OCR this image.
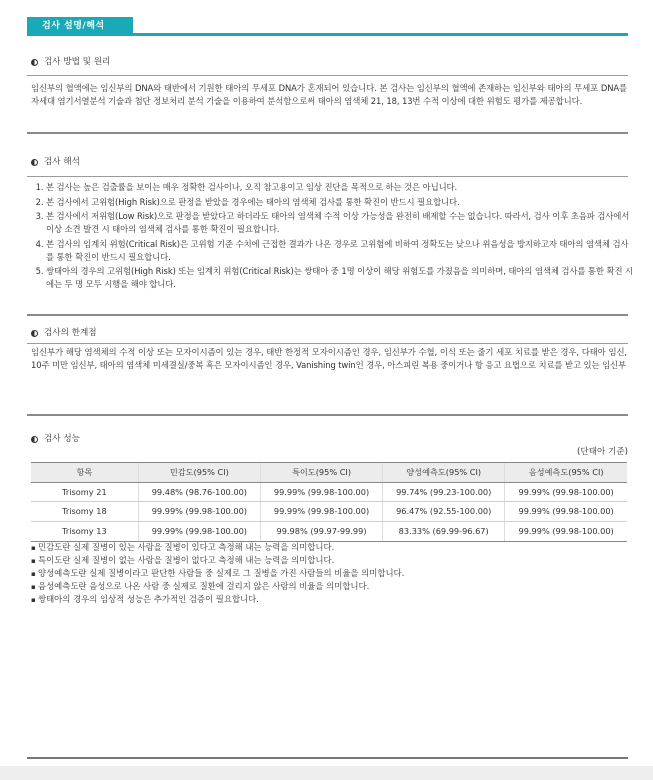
검사 설명/해석
검사 방법 및 원리
임신부의 혈액에는 임신부의 DNA와 태반에서 기원한 태아의 무세포 DNA가 혼재되어 있습니다. 본 검사는 임신부의 혈액에 존재하는 임신부와 태아의 무세포 DNA를 자세대 염기서열분석 기술과 첨단 정보처리 분석 기술을 이용하여 분석함으로써 태아의 염색체 21, 18, 13번 수적 이상에 대한 위험도 평가를 제공합니다.
검사 해석
1. 본 검사는 높은 검출률을 보이는 매우 정확한 검사이나, 오직 참고용이고 임상 진단을 목적으로 하는 것은 아닙니다.
2. 본 검사에서 고위험(High Risk)으로 판정을 받았을 경우에는 태아의 염색체 검사를 통한 확진이 반드시 필요합니다.
3. 본 검사에서 저위험(Low Risk)으로 판정을 받았다고 하더라도 태아의 염색체 수적 이상 가능성을 완전히 배제할 수는 없습니다. 따라서, 검사 이후 초음파 검사에서 이상 소견 발견 시 태아의 염색체 검사를 통한 확진이 필요합니다.
4. 본 검사의 임계치 위험(Critical Risk)은 고위험 기준 수치에 근접한 결과가 나온 경우로 고위험에 비하여 정확도는 낮으나 위음성을 방지하고자 태아의 염색체 검사를 통한 확진이 반드시 필요합니다.
5. 쌍태아의 경우의 고위험(High Risk) 또는 임계치 위험(Critical Risk)는 쌍태아 중 1명 이상이 해당 위험도를 가졌음을 의미하며, 태아의 염색체 검사를 통한 확진 시에는 두 명 모두 시행을 해야 합니다.
검사의 한계점
임신부가 해당 염색체의 수적 이상 또는 모자이시즘이 있는 경우, 태반 한정적 모자이시즘인 경우, 임신부가 수혈, 이식 또는 줄기 세포 치료를 받은 경우, 다태아 임신, 10주 미만 임신부, 태아의 염색체 미세결실/중복 혹은 모자이시즘인 경우, Vanishing twin인 경우, 아스피린 복용 중이거나 항 응고 요법으로 치료를 받고 있는 임신부
검사 성능
(단태아 기준)
항목	민감도(95% CI)	특이도(95% CI)	양성예측도(95% CI)	음성예측도(95% CI)
Trisomy 21	99.48% (98.76-100.00)	99.99% (99.98-100.00)	99.74% (99.23-100.00)	99.99% (99.98-100.00)
Trisomy 18	99.99% (99.98-100.00)	99.99% (99.98-100.00)	96.47% (92.55-100.00)	99.99% (99.98-100.00)
Trisomy 13	99.99% (99.98-100.00)	99.98% (99.97-99.99)	83.33% (69.99-96.67)	99.99% (99.98-100.00)
▪ 민감도란 실제 질병이 있는 사람을 질병이 있다고 측정해 내는 능력을 의미합니다.
▪ 특이도란 실제 질병이 없는 사람을 질병이 없다고 측정해 내는 능력을 의미합니다.
▪ 양성예측도란 실제 질병이라고 판단한 사람들 중 실제로 그 질병을 가진 사람들의 비율을 의미합니다.
▪ 음성예측도란 음성으로 나온 사람 중 실제로 질환에 걸리지 않은 사람의 비율을 의미합니다.
▪ 쌍태아의 경우의 임상적 성능은 추가적인 검증이 필요합니다.
